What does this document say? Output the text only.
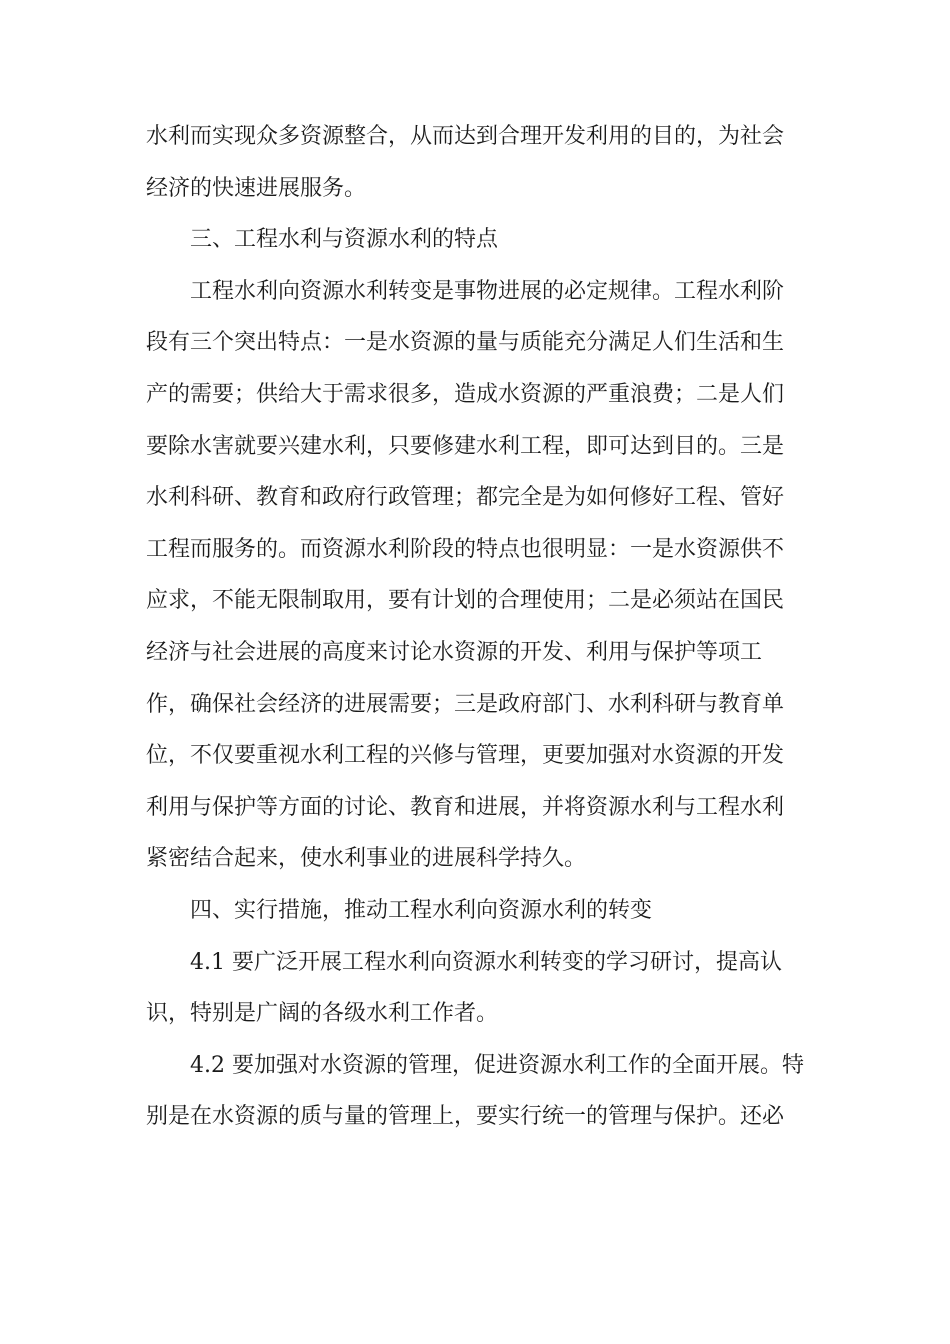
水利而实现众多资源整合，从而达到合理开发利用的目的，为社会
经济的快速进展服务。
三、工程水利与资源水利的特点
工程水利向资源水利转变是事物进展的必定规律。工程水利阶
段有三个突出特点：一是水资源的量与质能充分满足人们生活和生
产的需要；供给大于需求很多，造成水资源的严重浪费；二是人们
要除水害就要兴建水利，只要修建水利工程，即可达到目的。三是
水利科研、教育和政府行政管理；都完全是为如何修好工程、管好
工程而服务的。而资源水利阶段的特点也很明显：一是水资源供不
应求，不能无限制取用，要有计划的合理使用；二是必须站在国民
经济与社会进展的高度来讨论水资源的开发、利用与保护等项工
作，确保社会经济的进展需要；三是政府部门、水利科研与教育单
位，不仅要重视水利工程的兴修与管理，更要加强对水资源的开发
利用与保护等方面的讨论、教育和进展，并将资源水利与工程水利
紧密结合起来，使水利事业的进展科学持久。
四、实行措施，推动工程水利向资源水利的转变
4.1 要广泛开展工程水利向资源水利转变的学习研讨，提高认
识，特别是广阔的各级水利工作者。
4.2 要加强对水资源的管理，促进资源水利工作的全面开展。特
别是在水资源的质与量的管理上，要实行统一的管理与保护。还必
